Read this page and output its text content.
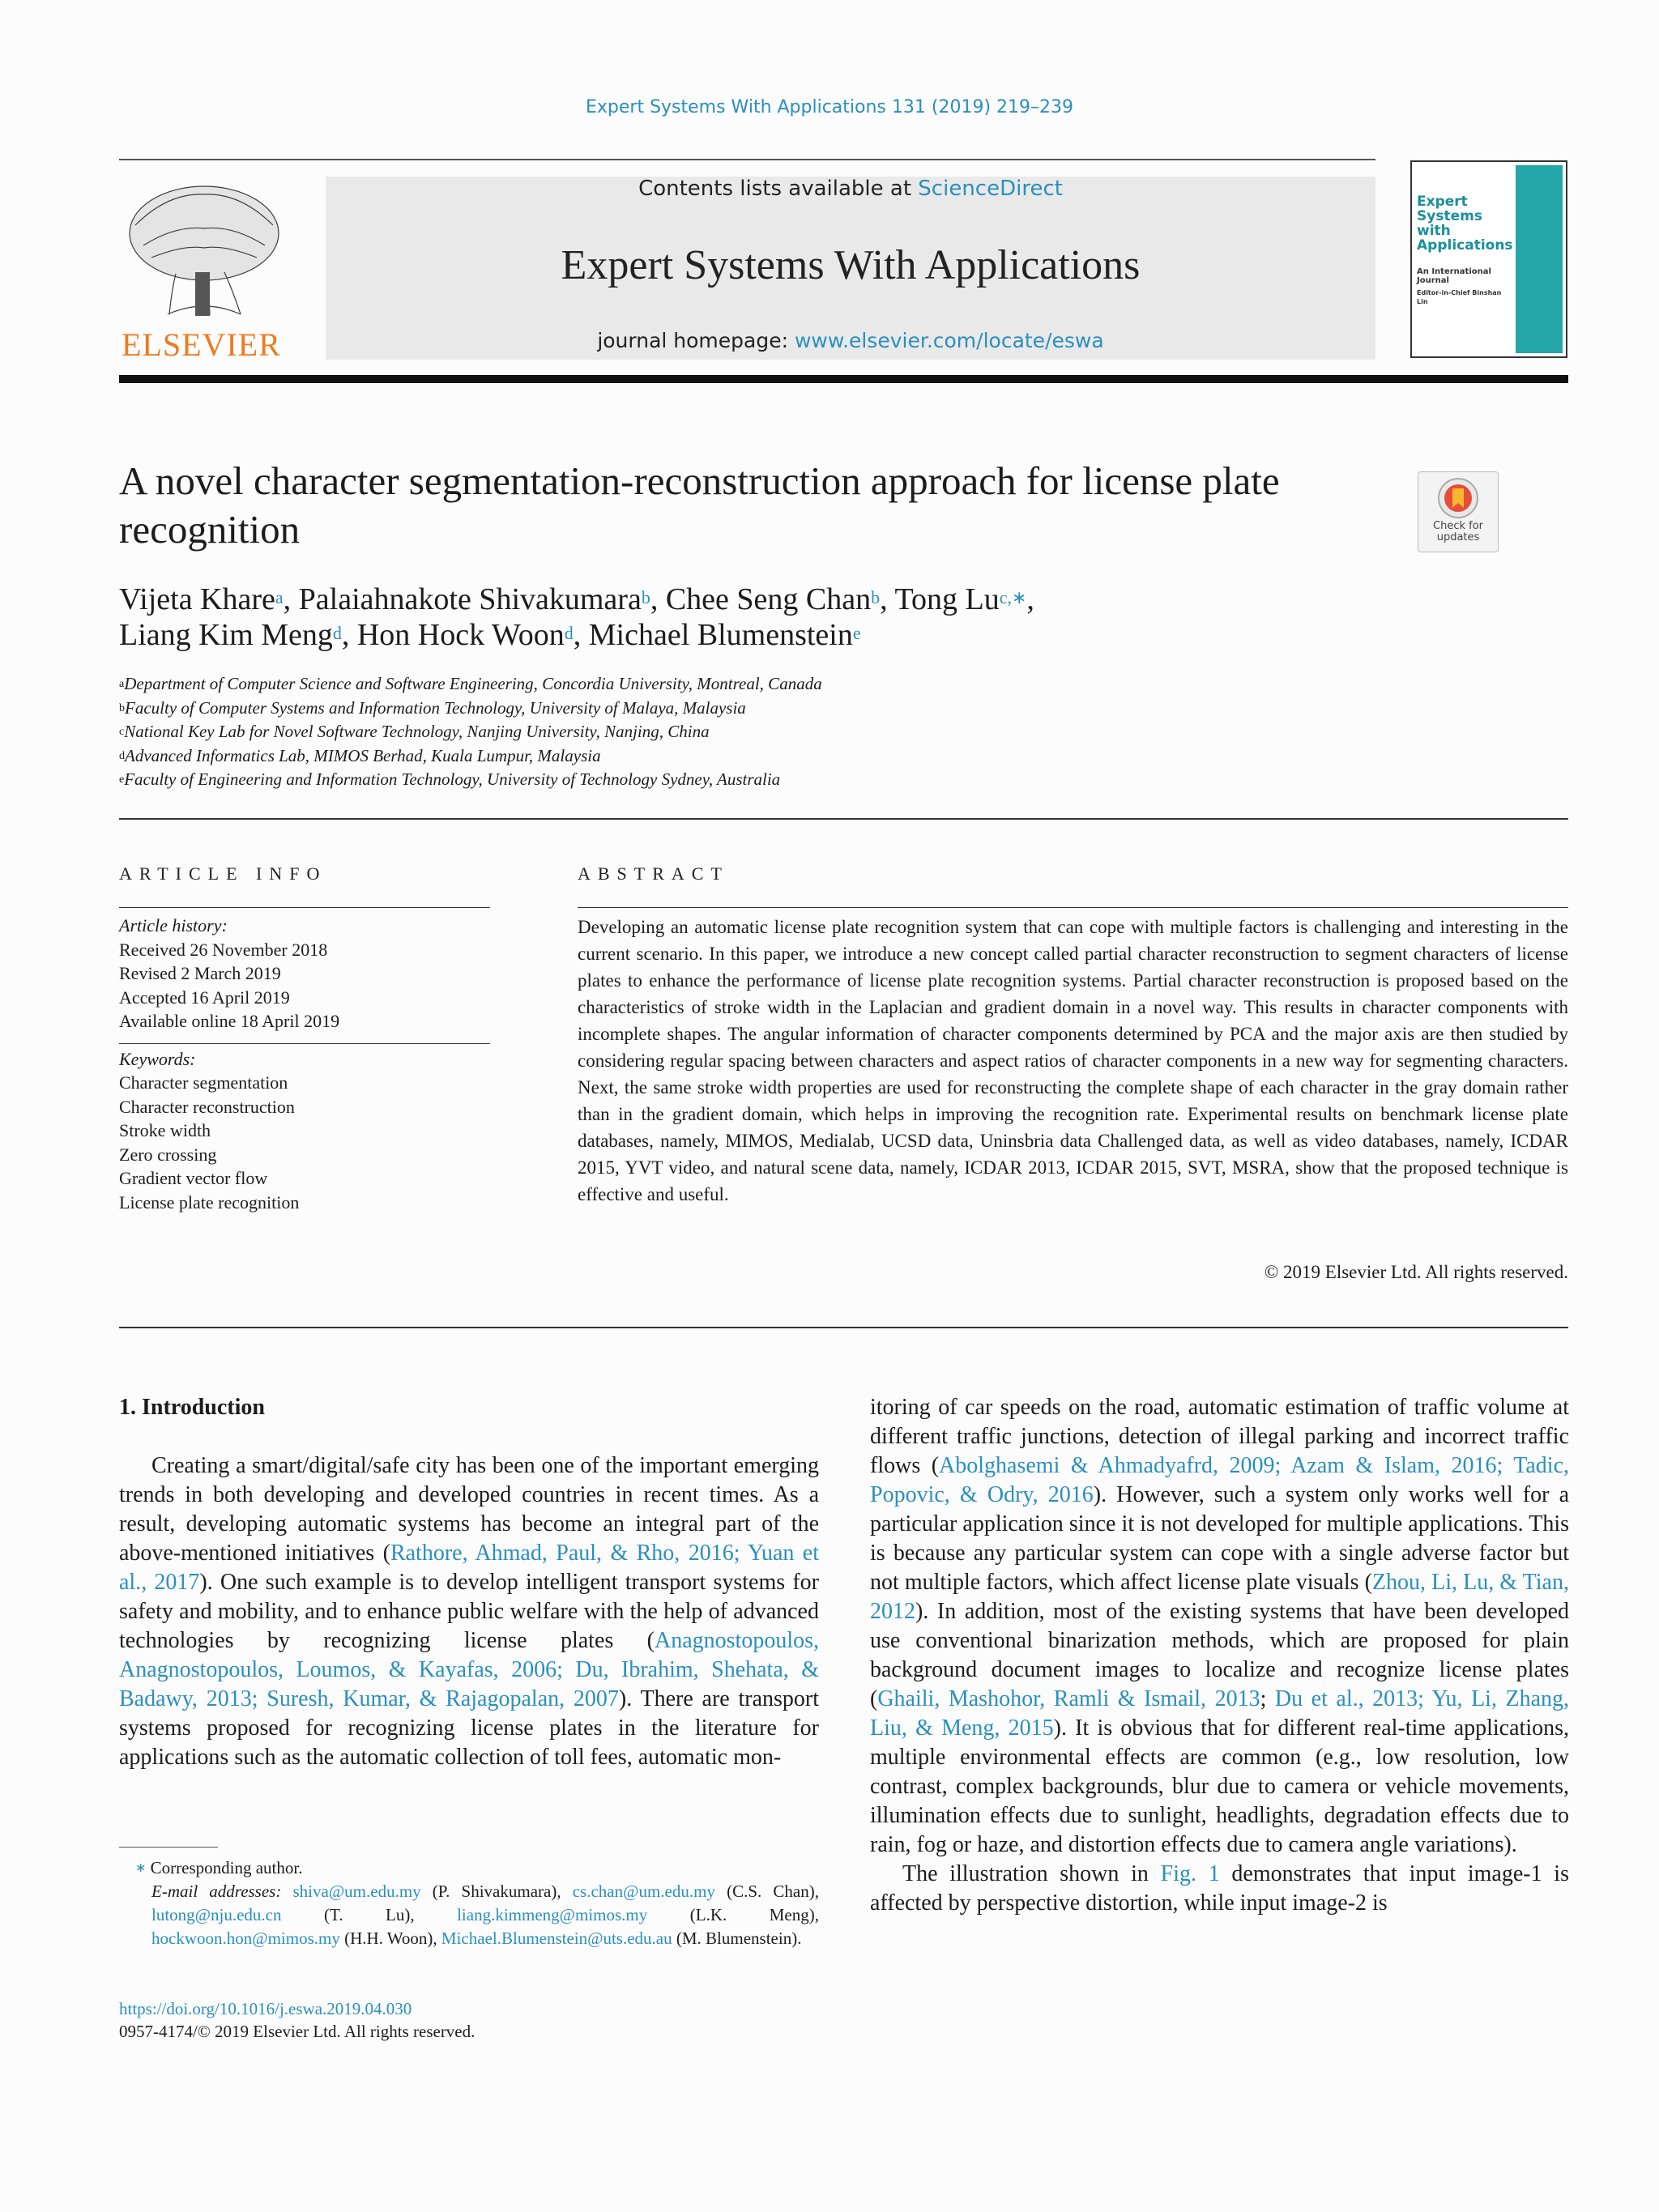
Expert Systems With Applications 131 (2019) 219–239
ELSEVIER
Contents lists available at ScienceDirect
Expert Systems With Applications
journal homepage: www.elsevier.com/locate/eswa
Expert Systems with Applications
An International Journal
Editor-in-Chief Binshan Lin
A novel character segmentation-reconstruction approach for license plate recognition	Check for updates
Vijeta Khare$^a$, Palaiahnakote Shivakumara$^b$, Chee Seng Chan$^b$, Tong $Lu^{c,∗}$,
Liang Kim Meng$^d$, Hon Hock Woon$^d$, Michael Blumenstein$^e$
$^a$Department of Computer Science and Software Engineering, Concordia University, Montreal, Canada
$^b$Faculty of Computer Systems and Information Technology, University of Malaya, Malaysia
$^c$National Key Lab for Novel Software Technology, Nanjing University, Nanjing, China
$^d$Advanced Informatics Lab, MIMOS Berhad, Kuala Lumpur, Malaysia
$^e$Faculty of Engineering and Information Technology, University of Technology Sydney, Australia
ARTICLE INFO
Article history:
Received 26 November 2018
Revised 2 March 2019
Accepted 16 April 2019
Available online 18 April 2019
Keywords:
Character segmentation
Character reconstruction
Stroke width
Zero crossing
Gradient vector flow
License plate recognition
ABSTRACT
Developing an automatic license plate recognition system that can cope with multiple factors is challenging and interesting in the current scenario. In this paper, we introduce a new concept called partial character reconstruction to segment characters of license plates to enhance the performance of license plate recognition systems. Partial character reconstruction is proposed based on the characteristics of stroke width in the Laplacian and gradient domain in a novel way. This results in character components with incomplete shapes. The angular information of character components determined by PCA and the major axis are then studied by considering regular spacing between characters and aspect ratios of character components in a new way for segmenting characters. Next, the same stroke width properties are used for reconstructing the complete shape of each character in the gray domain rather than in the gradient domain, which helps in improving the recognition rate. Experimental results on benchmark license plate databases, namely, MIMOS, Medialab, UCSD data, Uninsbria data Challenged data, as well as video databases, namely, ICDAR 2015, YVT video, and natural scene data, namely, ICDAR 2013, ICDAR 2015, SVT, MSRA, show that the proposed technique is effective and useful.
© 2019 Elsevier Ltd. All rights reserved.
1. Introduction

Creating a smart/digital/safe city has been one of the important emerging trends in both developing and developed countries in recent times. As a result, developing automatic systems has become an integral part of the above-mentioned initiatives (Rathore, Ahmad, Paul, & Rho, 2016; Yuan et al., 2017). One such example is to develop intelligent transport systems for safety and mobility, and to enhance public welfare with the help of advanced technologies by recognizing license plates (Anagnostopoulos, Anagnostopoulos, Loumos, & Kayafas, 2006; Du, Ibrahim, Shehata, & Badawy, 2013; Suresh, Kumar, & Rajagopalan, 2007). There are transport systems proposed for recognizing license plates in the literature for applications such as the automatic collection of toll fees, automatic mon-

itoring of car speeds on the road, automatic estimation of traffic volume at different traffic junctions, detection of illegal parking and incorrect traffic flows (Abolghasemi & Ahmadyafrd, 2009; Azam & Islam, 2016; Tadic, Popovic, & Odry, 2016). However, such a system only works well for a particular application since it is not developed for multiple applications. This is because any particular system can cope with a single adverse factor but not multiple factors, which affect license plate visuals (Zhou, Li, Lu, & Tian, 2012). In addition, most of the existing systems that have been developed use conventional binarization methods, which are proposed for plain background document images to localize and recognize license plates (Ghaili, Mashohor, Ramli & Ismail, 2013; Du et al., 2013; Yu, Li, Zhang, Liu, & Meng, 2015). It is obvious that for different real-time applications, multiple environmental effects are common (e.g., low resolution, low contrast, complex backgrounds, blur due to camera or vehicle movements, illumination effects due to sunlight, headlights, degradation effects due to rain, fog or haze, and distortion effects due to camera angle variations).

The illustration shown in Fig. 1 demonstrates that input image-1 is affected by perspective distortion, while input image-2 is

∗ Corresponding author.
E-mail addresses: shiva@um.edu.my (P. Shivakumara), cs.chan@um.edu.my (C.S. Chan), lutong@nju.edu.cn (T. Lu), liang.kimmeng@mimos.my (L.K. Meng), hockwoon.hon@mimos.my (H.H. Woon), Michael.Blumenstein@uts.edu.au (M. Blumenstein).
https://doi.org/10.1016/j.eswa.2019.04.030
0957-4174/© 2019 Elsevier Ltd. All rights reserved.
